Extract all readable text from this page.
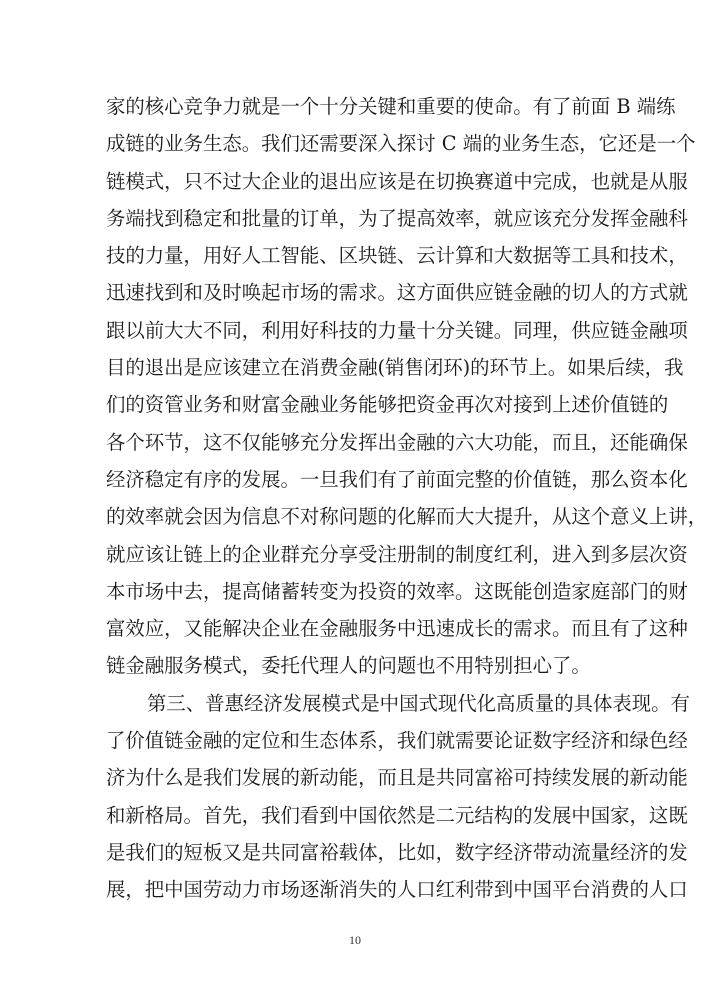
家的核心竞争力就是一个十分关键和重要的使命。有了前面 B 端练
成链的业务生态。我们还需要深入探讨 C 端的业务生态，它还是一个
链模式，只不过大企业的退出应该是在切换赛道中完成，也就是从服
务端找到稳定和批量的订单，为了提高效率，就应该充分发挥金融科
技的力量，用好人工智能、区块链、云计算和大数据等工具和技术，
迅速找到和及时唤起市场的需求。这方面供应链金融的切人的方式就
跟以前大大不同，利用好科技的力量十分关键。同理，供应链金融项
目的退出是应该建立在消费金融(销售闭环)的环节上。如果后续，我
们的资管业务和财富金融业务能够把资金再次对接到上述价值链的
各个环节，这不仅能够充分发挥出金融的六大功能，而且，还能确保
经济稳定有序的发展。一旦我们有了前面完整的价值链，那么资本化
的效率就会因为信息不对称问题的化解而大大提升，从这个意义上讲，
就应该让链上的企业群充分享受注册制的制度红利，进入到多层次资
本市场中去，提高储蓄转变为投资的效率。这既能创造家庭部门的财
富效应，又能解决企业在金融服务中迅速成长的需求。而且有了这种
链金融服务模式，委托代理人的问题也不用特别担心了。
第三、普惠经济发展模式是中国式现代化高质量的具体表现。有
了价值链金融的定位和生态体系，我们就需要论证数字经济和绿色经
济为什么是我们发展的新动能，而且是共同富裕可持续发展的新动能
和新格局。首先，我们看到中国依然是二元结构的发展中国家，这既
是我们的短板又是共同富裕载体，比如，数字经济带动流量经济的发
展，把中国劳动力市场逐渐消失的人口红利带到中国平台消费的人口
10
